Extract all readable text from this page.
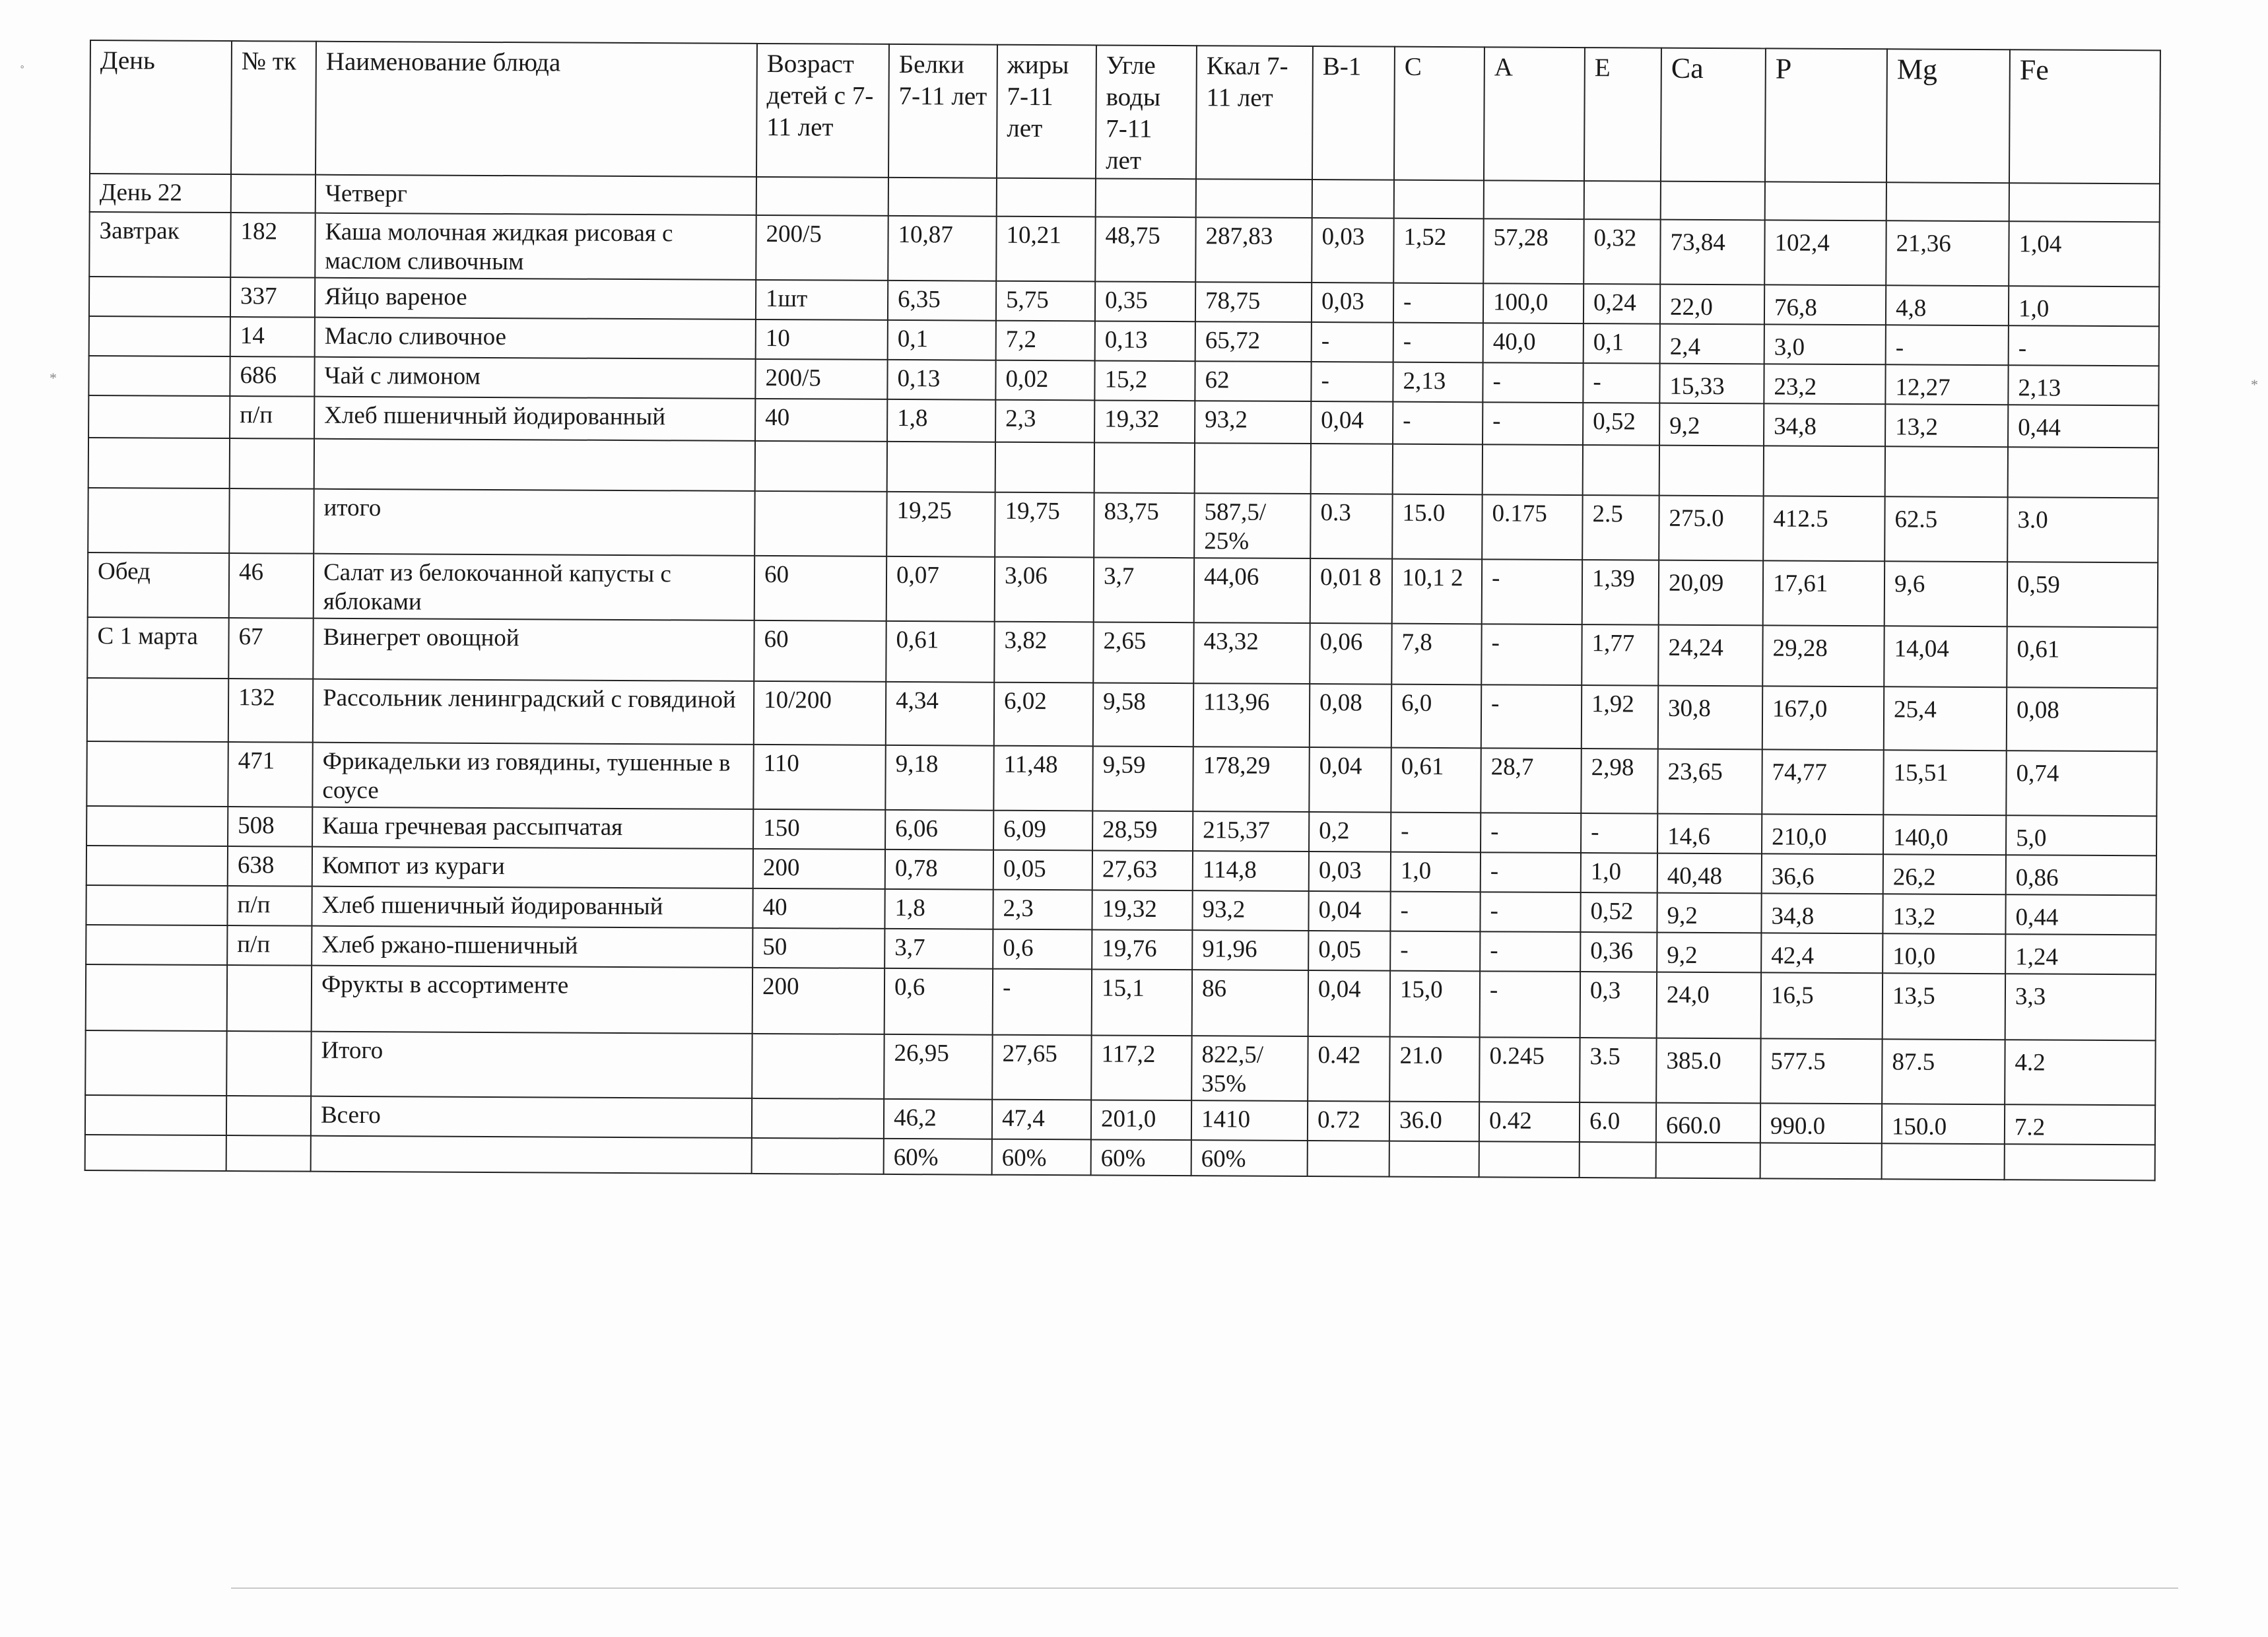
День	№ тк	Наименование блюда	Возраст детей с 7-11 лет	Белки 7-11 лет	жиры 7-11 лет	Угле воды 7-11 лет	Ккал 7-11 лет	В-1	С	А	Е	Ca	P	Mg	Fe
День 22		Четверг													
Завтрак	182	Каша молочная жидкая рисовая с маслом сливочным	200/5	10,87	10,21	48,75	287,83	0,03	1,52	57,28	0,32	73,84	102,4	21,36	1,04
	337	Яйцо вареное	1шт	6,35	5,75	0,35	78,75	0,03	-	100,0	0,24	22,0	76,8	4,8	1,0
	14	Масло сливочное	10	0,1	7,2	0,13	65,72	-	-	40,0	0,1	2,4	3,0	-	-
	686	Чай с лимоном	200/5	0,13	0,02	15,2	62	-	2,13	-	-	15,33	23,2	12,27	2,13
	п/п	Хлеб пшеничный йодированный	40	1,8	2,3	19,32	93,2	0,04	-	-	0,52	9,2	34,8	13,2	0,44

		итого		19,25	19,75	83,75	587,5/ 25%	0.3	15.0	0.175	2.5	275.0	412.5	62.5	3.0
Обед	46	Салат из белокочанной капусты с яблоками	60	0,07	3,06	3,7	44,06	0,01 8	10,1 2	-	1,39	20,09	17,61	9,6	0,59
С 1 марта	67	Винегрет овощной	60	0,61	3,82	2,65	43,32	0,06	7,8	-	1,77	24,24	29,28	14,04	0,61
	132	Рассольник ленинградский с говядиной	10/200	4,34	6,02	9,58	113,96	0,08	6,0	-	1,92	30,8	167,0	25,4	0,08
	471	Фрикадельки из говядины, тушенные в соусе	110	9,18	11,48	9,59	178,29	0,04	0,61	28,7	2,98	23,65	74,77	15,51	0,74
	508	Каша гречневая рассыпчатая	150	6,06	6,09	28,59	215,37	0,2	-	-	-	14,6	210,0	140,0	5,0
	638	Компот из кураги	200	0,78	0,05	27,63	114,8	0,03	1,0	-	1,0	40,48	36,6	26,2	0,86
	п/п	Хлеб пшеничный йодированный	40	1,8	2,3	19,32	93,2	0,04	-	-	0,52	9,2	34,8	13,2	0,44
	п/п	Хлеб ржано-пшеничный	50	3,7	0,6	19,76	91,96	0,05	-	-	0,36	9,2	42,4	10,0	1,24
		Фрукты в ассортименте	200	0,6	-	15,1	86	0,04	15,0	-	0,3	24,0	16,5	13,5	3,3
		Итого		26,95	27,65	117,2	822,5/ 35%	0.42	21.0	0.245	3.5	385.0	577.5	87.5	4.2
		Всего		46,2	47,4	201,0	1410	0.72	36.0	0.42	6.0	660.0	990.0	150.0	7.2
				60%	60%	60%	60%								
˚
*
*
